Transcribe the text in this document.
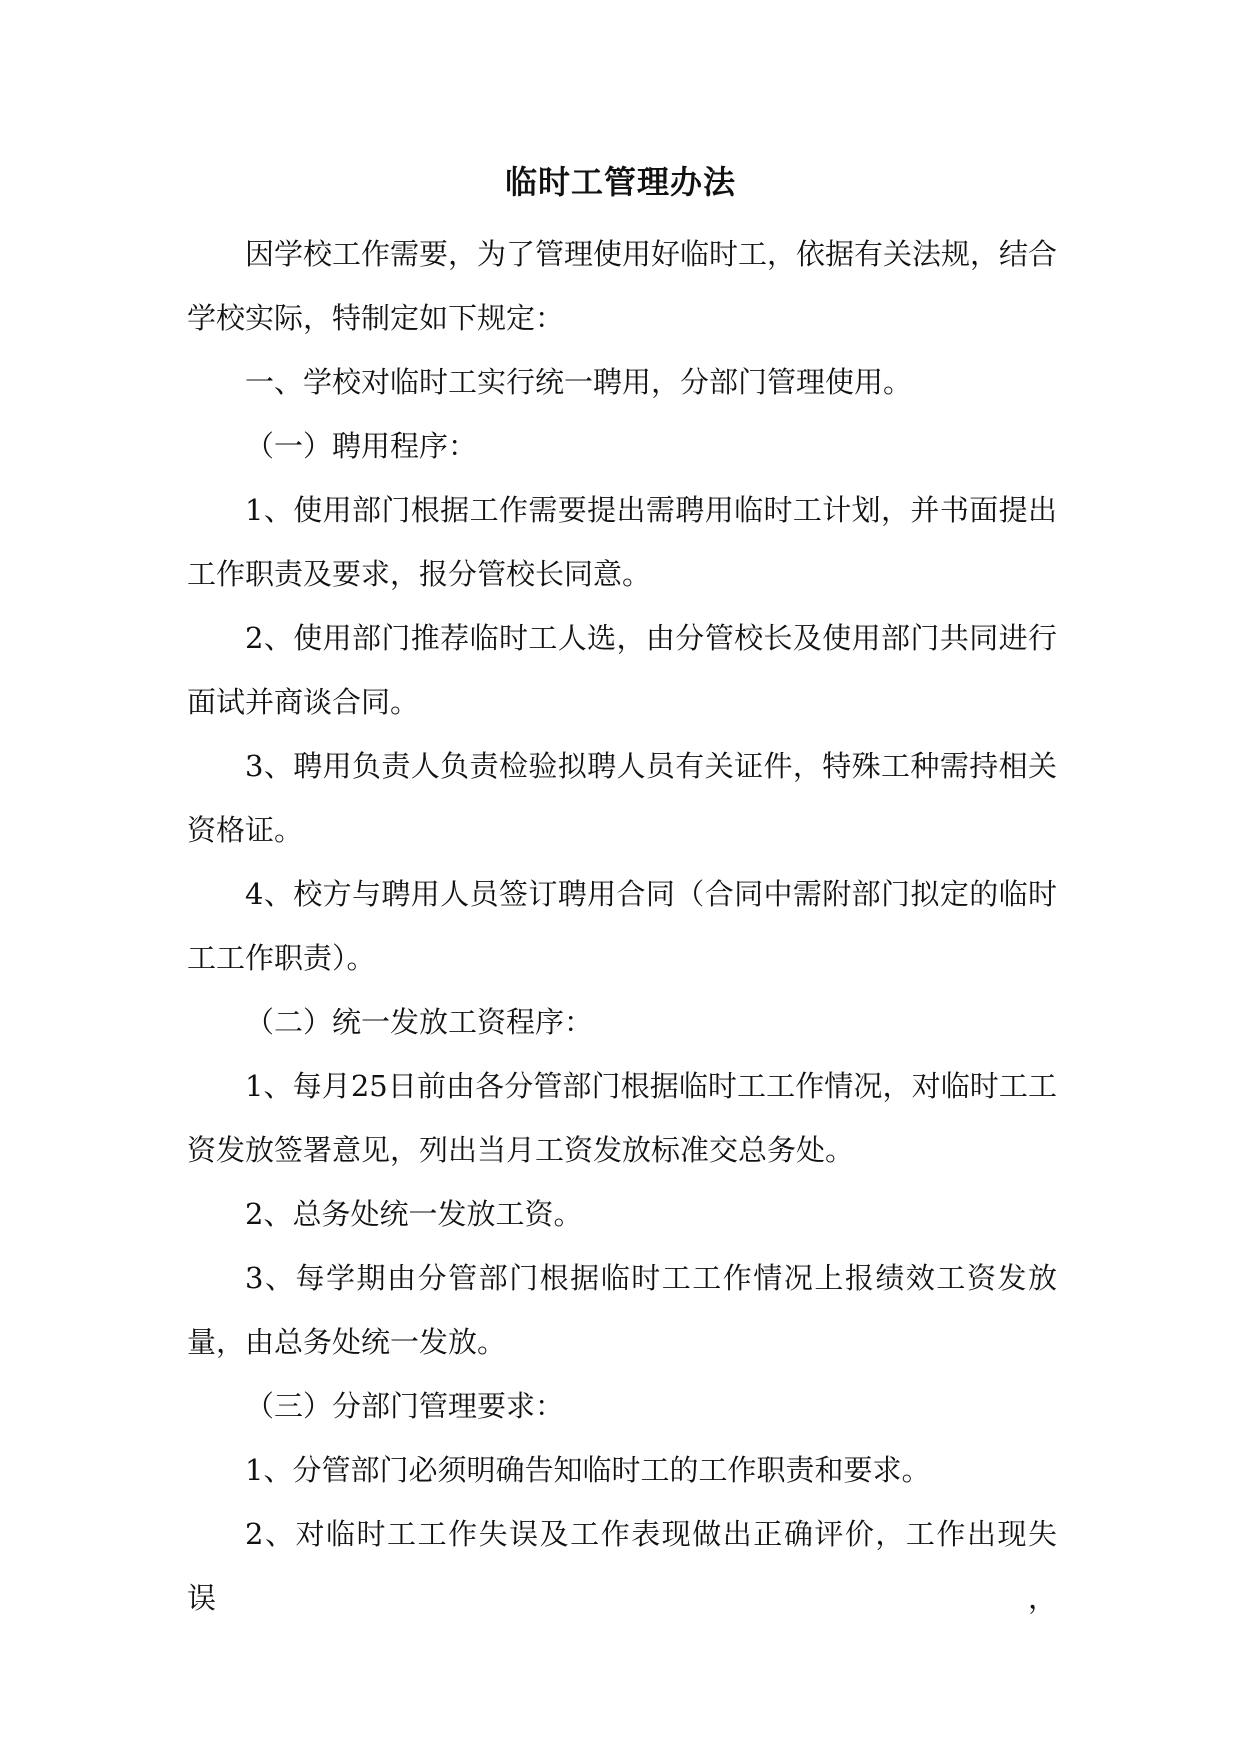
临时工管理办法

因学校工作需要，为了管理使用好临时工，依据有关法规，结合学校实际，特制定如下规定：

一、学校对临时工实行统一聘用，分部门管理使用。

（一）聘用程序：

1、使用部门根据工作需要提出需聘用临时工计划，并书面提出工作职责及要求，报分管校长同意。

2、使用部门推荐临时工人选，由分管校长及使用部门共同进行面试并商谈合同。

3、聘用负责人负责检验拟聘人员有关证件，特殊工种需持相关资格证。

4、校方与聘用人员签订聘用合同（合同中需附部门拟定的临时工工作职责）。

（二）统一发放工资程序：

1、每月25日前由各分管部门根据临时工工作情况，对临时工工资发放签署意见，列出当月工资发放标准交总务处。

2、总务处统一发放工资。

3、每学期由分管部门根据临时工工作情况上报绩效工资发放量，由总务处统一发放。

（三）分部门管理要求：

1、分管部门必须明确告知临时工的工作职责和要求。

2、对临时工工作失误及工作表现做出正确评价，工作出现失误，
